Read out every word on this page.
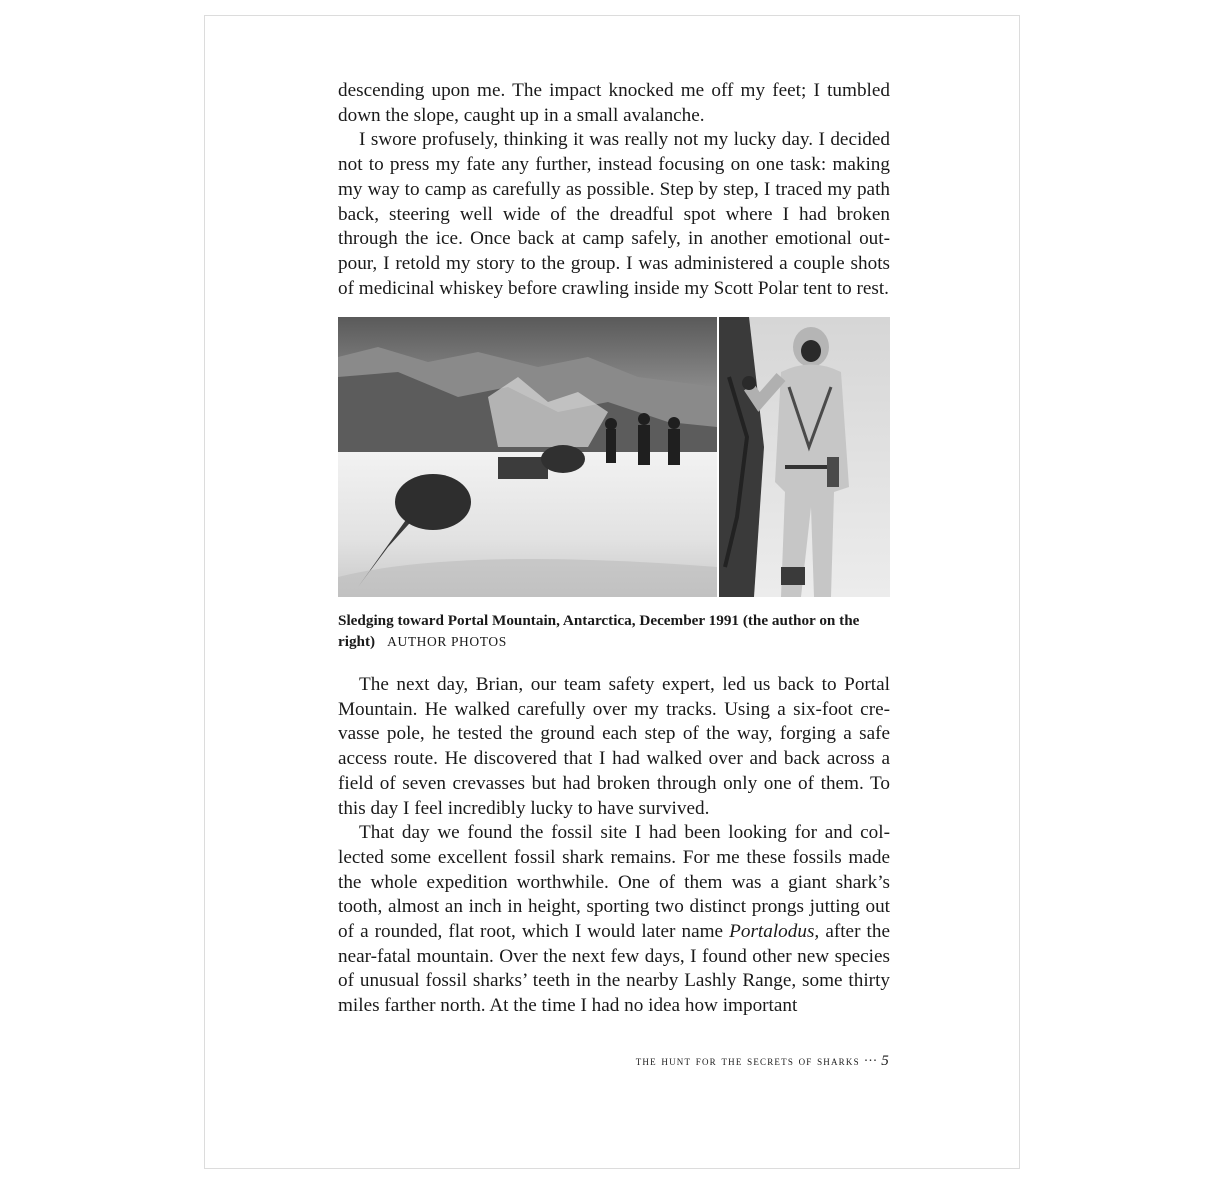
descending upon me. The impact knocked me off my feet; I tumbled down the slope, caught up in a small avalanche.

I swore profusely, thinking it was really not my lucky day. I decided not to press my fate any further, instead focusing on one task: making my way to camp as carefully as possible. Step by step, I traced my path back, steering well wide of the dreadful spot where I had broken through the ice. Once back at camp safely, in another emotional outpour, I retold my story to the group. I was administered a couple shots of medicinal whiskey before crawling inside my Scott Polar tent to rest.

Sledging toward Portal Mountain, Antarctica, December 1991 (the author on the right) AUTHOR PHOTOS

The next day, Brian, our team safety expert, led us back to Portal Mountain. He walked carefully over my tracks. Using a six-foot crevasse pole, he tested the ground each step of the way, forging a safe access route. He discovered that I had walked over and back across a field of seven crevasses but had broken through only one of them. To this day I feel incredibly lucky to have survived.

That day we found the fossil site I had been looking for and collected some excellent fossil shark remains. For me these fossils made the whole expedition worthwhile. One of them was a giant shark’s tooth, almost an inch in height, sporting two distinct prongs jutting out of a rounded, flat root, which I would later name Portalodus, after the near-fatal mountain. Over the next few days, I found other new species of unusual fossil sharks’ teeth in the nearby Lashly Range, some thirty miles farther north. At the time I had no idea how important

the hunt for the secrets of sharks ··· 5
